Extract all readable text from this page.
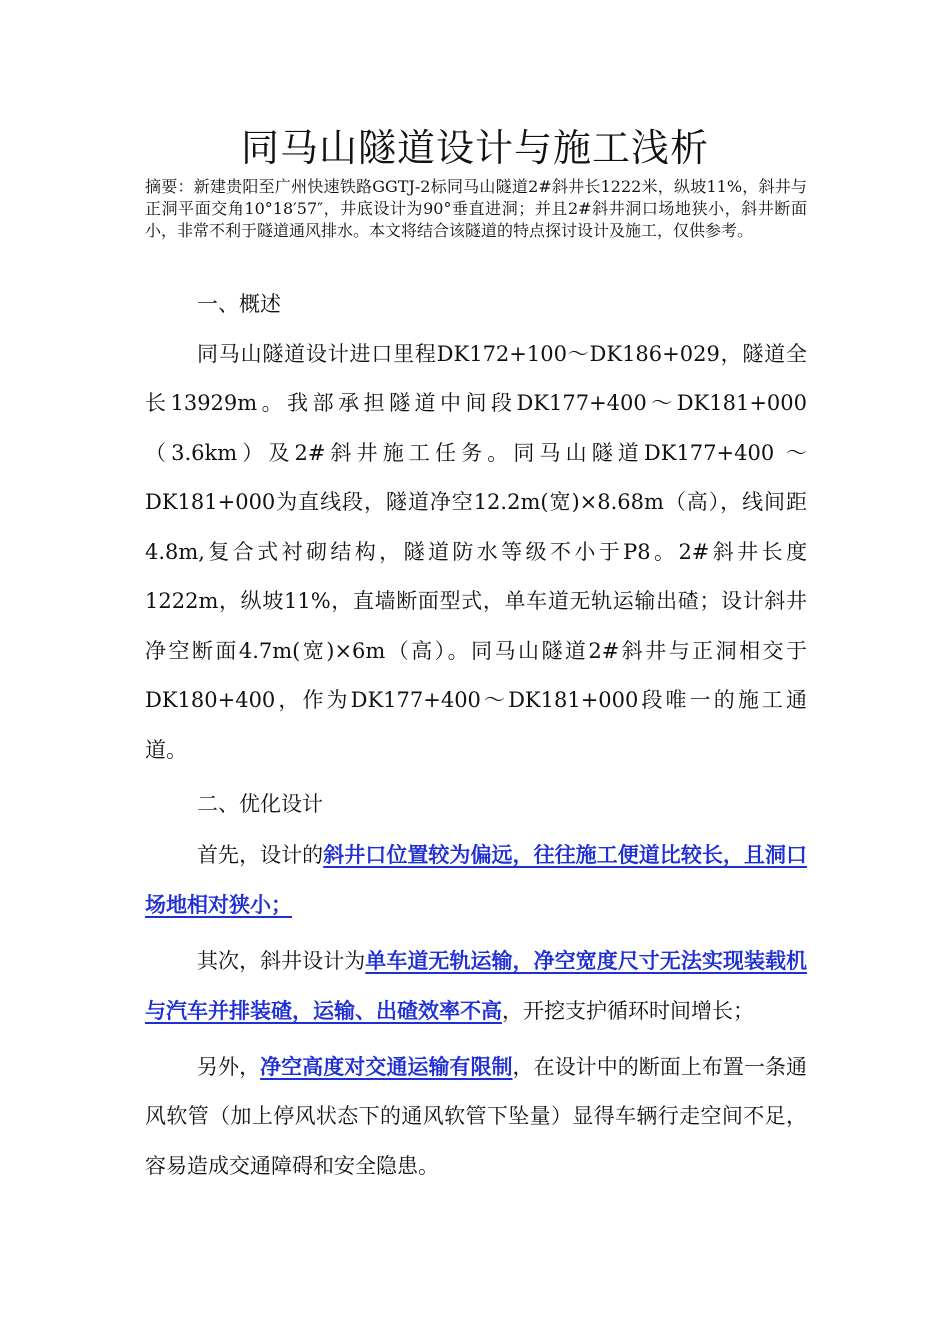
同马山隧道设计与施工浅析

摘要：新建贵阳至广州快速铁路GGTJ-2标同马山隧道2#斜井长1222米，纵坡11%，斜井与正洞平面交角10°18′57″，井底设计为90°垂直进洞；并且2#斜井洞口场地狭小，斜井断面小，非常不利于隧道通风排水。本文将结合该隧道的特点探讨设计及施工，仅供参考。

一、概述

同马山隧道设计进口里程DK172+100～DK186+029，隧道全长13929m。我部承担隧道中间段DK177+400～DK181+000（3.6km）及2#斜井施工任务。同马山隧道DK177+400 ～DK181+000为直线段，隧道净空12.2m(宽)×8.68m（高），线间距4.8m,复合式衬砌结构，隧道防水等级不小于P8。2#斜井长度1222m，纵坡11%，直墙断面型式，单车道无轨运输出碴；设计斜井净空断面4.7m(宽)×6m（高）。同马山隧道2#斜井与正洞相交于DK180+400，作为DK177+400～DK181+000段唯一的施工通道。

二、优化设计

首先，设计的斜井口位置较为偏远，往往施工便道比较长，且洞口场地相对狭小；

其次，斜井设计为单车道无轨运输，净空宽度尺寸无法实现装载机与汽车并排装碴，运输、出碴效率不高，开挖支护循环时间增长；

另外，净空高度对交通运输有限制，在设计中的断面上布置一条通风软管（加上停风状态下的通风软管下坠量）显得车辆行走空间不足，容易造成交通障碍和安全隐患。
